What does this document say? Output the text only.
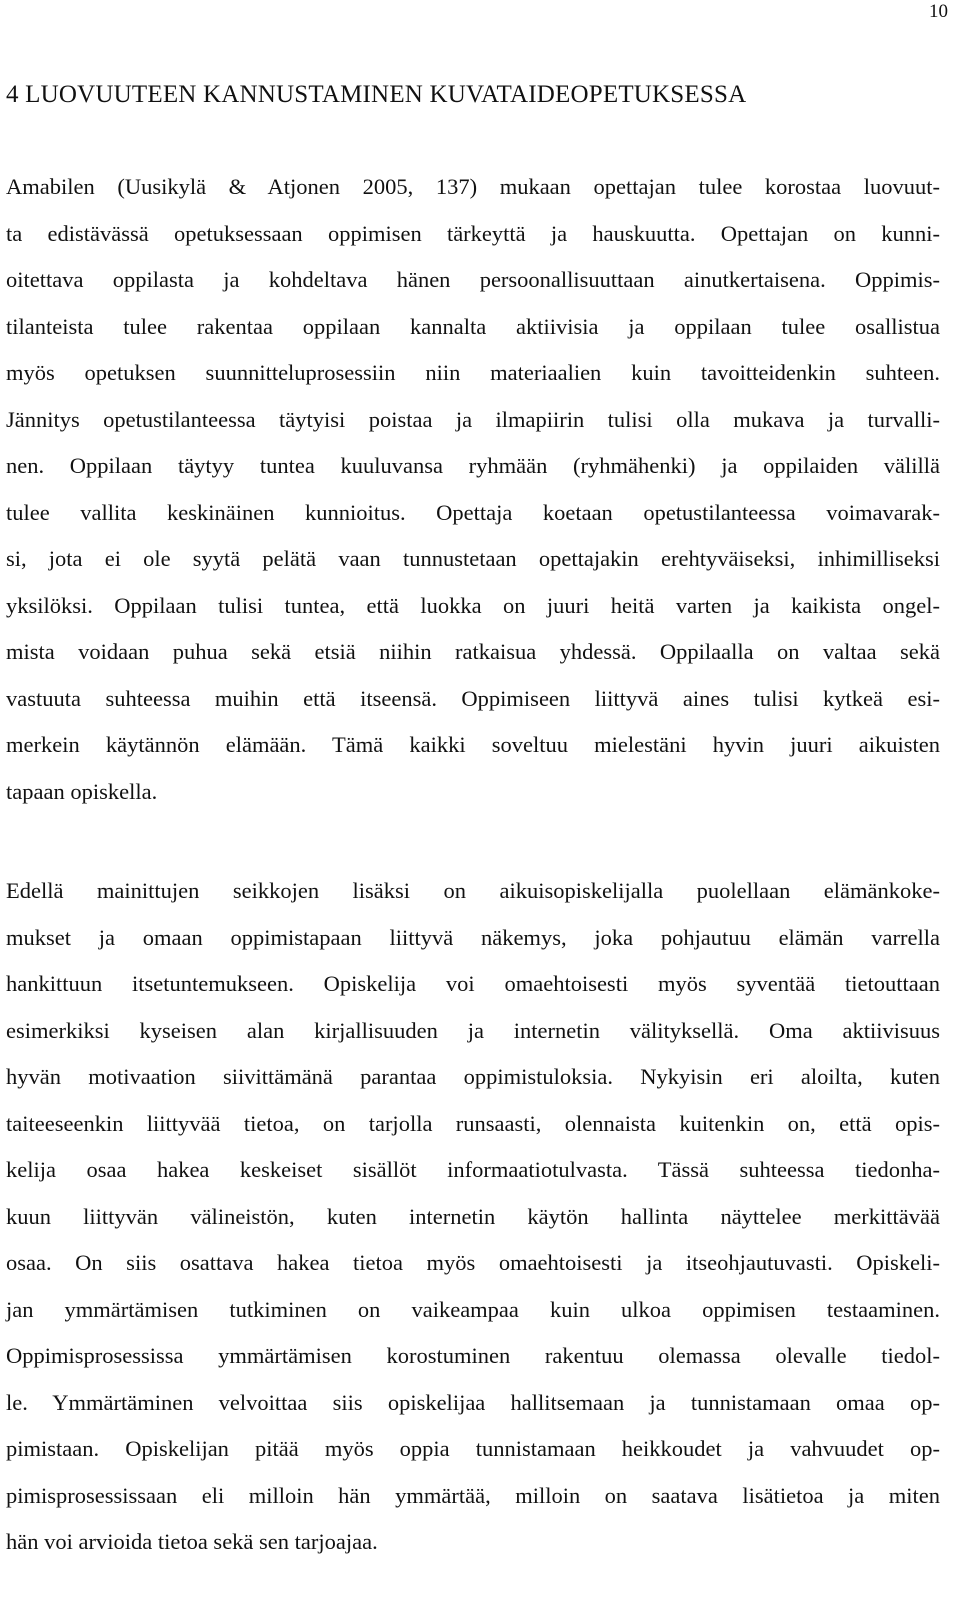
10
4 LUOVUUTEEN KANNUSTAMINEN KUVATAIDEOPETUKSESSA
Amabilen (Uusikylä & Atjonen 2005, 137) mukaan opettajan tulee korostaa luovuut-
ta edistävässä opetuksessaan oppimisen tärkeyttä ja hauskuutta. Opettajan on kunni-
oitettava oppilasta ja kohdeltava hänen persoonallisuuttaan ainutkertaisena. Oppimis-
tilanteista tulee rakentaa oppilaan kannalta aktiivisia ja oppilaan tulee osallistua
myös opetuksen suunnitteluprosessiin niin materiaalien kuin tavoitteidenkin suhteen.
Jännitys opetustilanteessa täytyisi poistaa ja ilmapiirin tulisi olla mukava ja turvalli-
nen. Oppilaan täytyy tuntea kuuluvansa ryhmään (ryhmähenki) ja oppilaiden välillä
tulee vallita keskinäinen kunnioitus. Opettaja koetaan opetustilanteessa voimavarak-
si, jota ei ole syytä pelätä vaan tunnustetaan opettajakin erehtyväiseksi, inhimilliseksi
yksilöksi. Oppilaan tulisi tuntea, että luokka on juuri heitä varten ja kaikista ongel-
mista voidaan puhua sekä etsiä niihin ratkaisua yhdessä. Oppilaalla on valtaa sekä
vastuuta suhteessa muihin että itseensä. Oppimiseen liittyvä aines tulisi kytkeä esi-
merkein käytännön elämään. Tämä kaikki soveltuu mielestäni hyvin juuri aikuisten
tapaan opiskella.
Edellä mainittujen seikkojen lisäksi on aikuisopiskelijalla puolellaan elämänkoke-
mukset ja omaan oppimistapaan liittyvä näkemys, joka pohjautuu elämän varrella
hankittuun itsetuntemukseen. Opiskelija voi omaehtoisesti myös syventää tietouttaan
esimerkiksi kyseisen alan kirjallisuuden ja internetin välityksellä. Oma aktiivisuus
hyvän motivaation siivittämänä parantaa oppimistuloksia. Nykyisin eri aloilta, kuten
taiteeseenkin liittyvää tietoa, on tarjolla runsaasti, olennaista kuitenkin on, että opis-
kelija osaa hakea keskeiset sisällöt informaatiotulvasta. Tässä suhteessa tiedonha-
kuun liittyvän välineistön, kuten internetin käytön hallinta näyttelee merkittävää
osaa. On siis osattava hakea tietoa myös omaehtoisesti ja itseohjautuvasti. Opiskeli-
jan ymmärtämisen tutkiminen on vaikeampaa kuin ulkoa oppimisen testaaminen.
Oppimisprosessissa ymmärtämisen korostuminen rakentuu olemassa olevalle tiedol-
le. Ymmärtäminen velvoittaa siis opiskelijaa hallitsemaan ja tunnistamaan omaa op-
pimistaan. Opiskelijan pitää myös oppia tunnistamaan heikkoudet ja vahvuudet op-
pimisprosessissaan eli milloin hän ymmärtää, milloin on saatava lisätietoa ja miten
hän voi arvioida tietoa sekä sen tarjoajaa.
